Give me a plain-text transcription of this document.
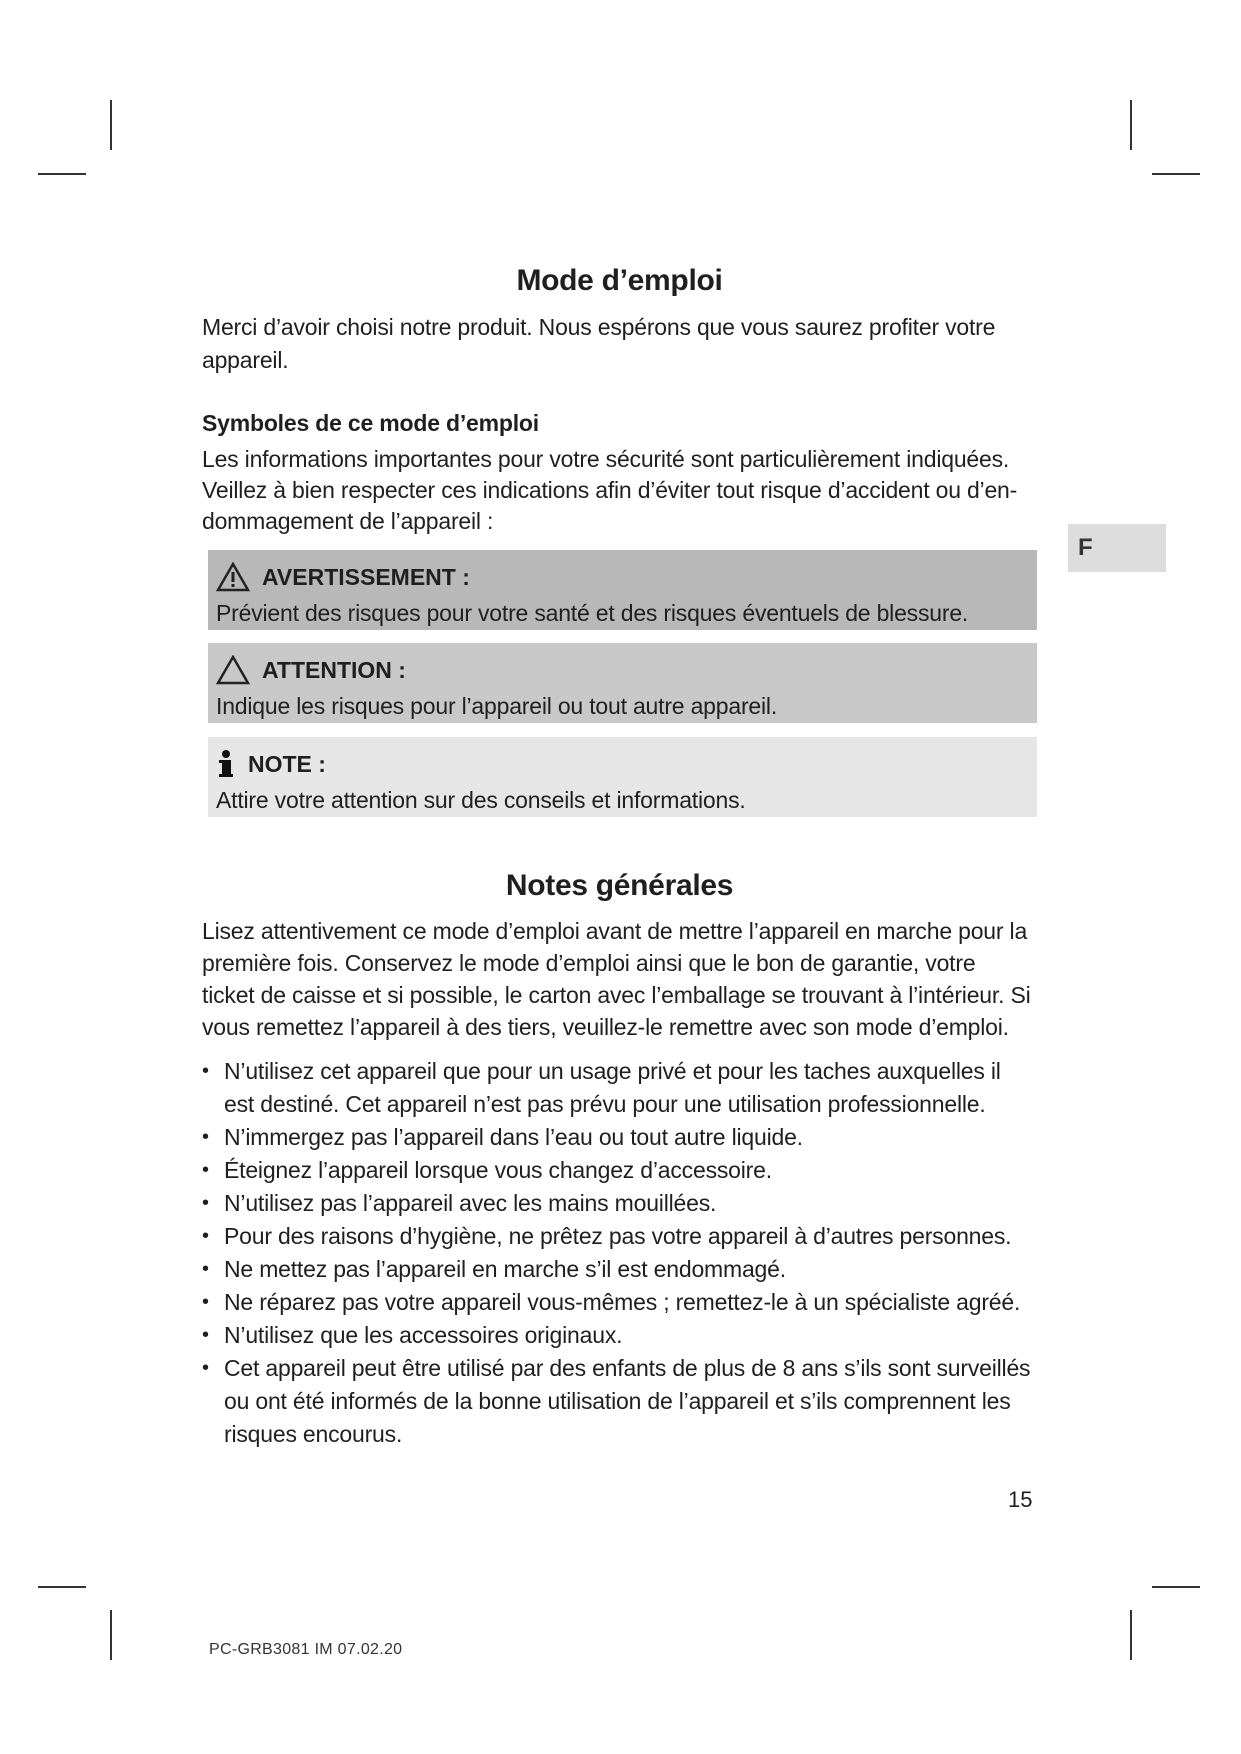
F
Mode d’emploi
Merci d’avoir choisi notre produit. Nous espérons que vous saurez profiter votre appareil.
Symboles de ce mode d’emploi
Les informations importantes pour votre sécurité sont particulièrement indiquées. Veillez à bien respecter ces indications afin d’éviter tout risque d’accident ou d’en-dommagement de l’appareil :
AVERTISSEMENT :
Prévient des risques pour votre santé et des risques éventuels de blessure.
ATTENTION :
Indique les risques pour l’appareil ou tout autre appareil.
NOTE :
Attire votre attention sur des conseils et informations.
Notes générales
Lisez attentivement ce mode d’emploi avant de mettre l’appareil en marche pour la première fois. Conservez le mode d’emploi ainsi que le bon de garantie, votre ticket de caisse et si possible, le carton avec l’emballage se trouvant à l’intérieur. Si vous remettez l’appareil à des tiers, veuillez-le remettre avec son mode d’emploi.
• N’utilisez cet appareil que pour un usage privé et pour les taches auxquelles il est destiné. Cet appareil n’est pas prévu pour une utilisation professionnelle.
• N’immergez pas l’appareil dans l’eau ou tout autre liquide.
• Éteignez l’appareil lorsque vous changez d’accessoire.
• N’utilisez pas l’appareil avec les mains mouillées.
• Pour des raisons d’hygiène, ne prêtez pas votre appareil à d’autres personnes.
• Ne mettez pas l’appareil en marche s’il est endommagé.
• Ne réparez pas votre appareil vous-mêmes ; remettez-le à un spécialiste agréé.
• N’utilisez que les accessoires originaux.
• Cet appareil peut être utilisé par des enfants de plus de 8 ans s’ils sont surveillés ou ont été informés de la bonne utilisation de l’appareil et s’ils comprennent les risques encourus.
15
PC-GRB3081 IM 07.02.20
